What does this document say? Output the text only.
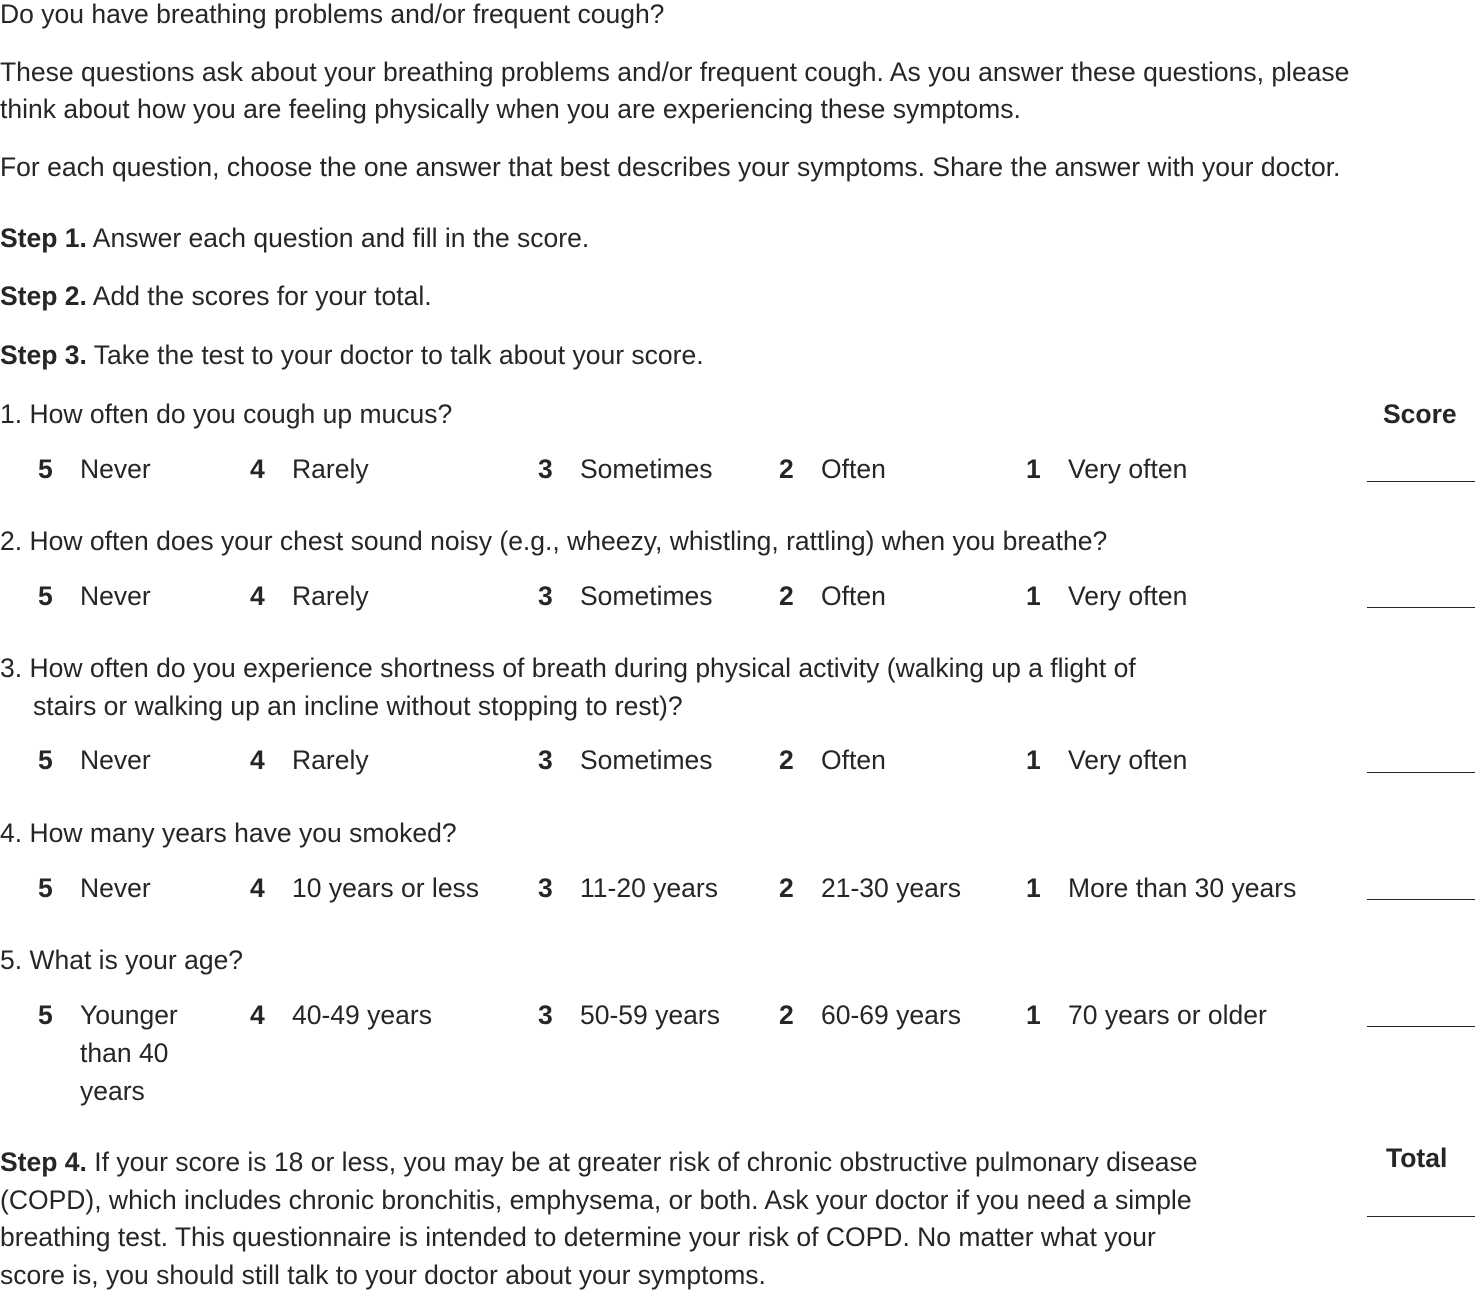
Do you have breathing problems and/or frequent cough?
These questions ask about your breathing problems and/or frequent cough. As you answer these questions, please
think about how you are feeling physically when you are experiencing these symptoms.
For each question, choose the one answer that best describes your symptoms. Share the answer with your doctor.
Step 1. Answer each question and fill in the score.
Step 2. Add the scores for your total.
Step 3. Take the test to your doctor to talk about your score.
Score
1. How often do you cough up mucus?
5 Never	4 Rarely	3 Sometimes	2 Often	1 Very often
2. How often does your chest sound noisy (e.g., wheezy, whistling, rattling) when you breathe?
5 Never	4 Rarely	3 Sometimes	2 Often	1 Very often
3. How often do you experience shortness of breath during physical activity (walking up a flight of
stairs or walking up an incline without stopping to rest)?
5 Never	4 Rarely	3 Sometimes	2 Often	1 Very often
4. How many years have you smoked?
5 Never	4 10 years or less 3 11-20 years 2 21-30 years 1 More than 30 years
5. What is your age?
5 Younger
than 40
years
4 40-49 years	3 50-59 years 2 60-69 years 1 70 years or older
Step 4. If your score is 18 or less, you may be at greater risk of chronic obstructive pulmonary disease
(COPD), which includes chronic bronchitis, emphysema, or both. Ask your doctor if you need a simple
breathing test. This questionnaire is intended to determine your risk of COPD. No matter what your
score is, you should still talk to your doctor about your symptoms.
Total
